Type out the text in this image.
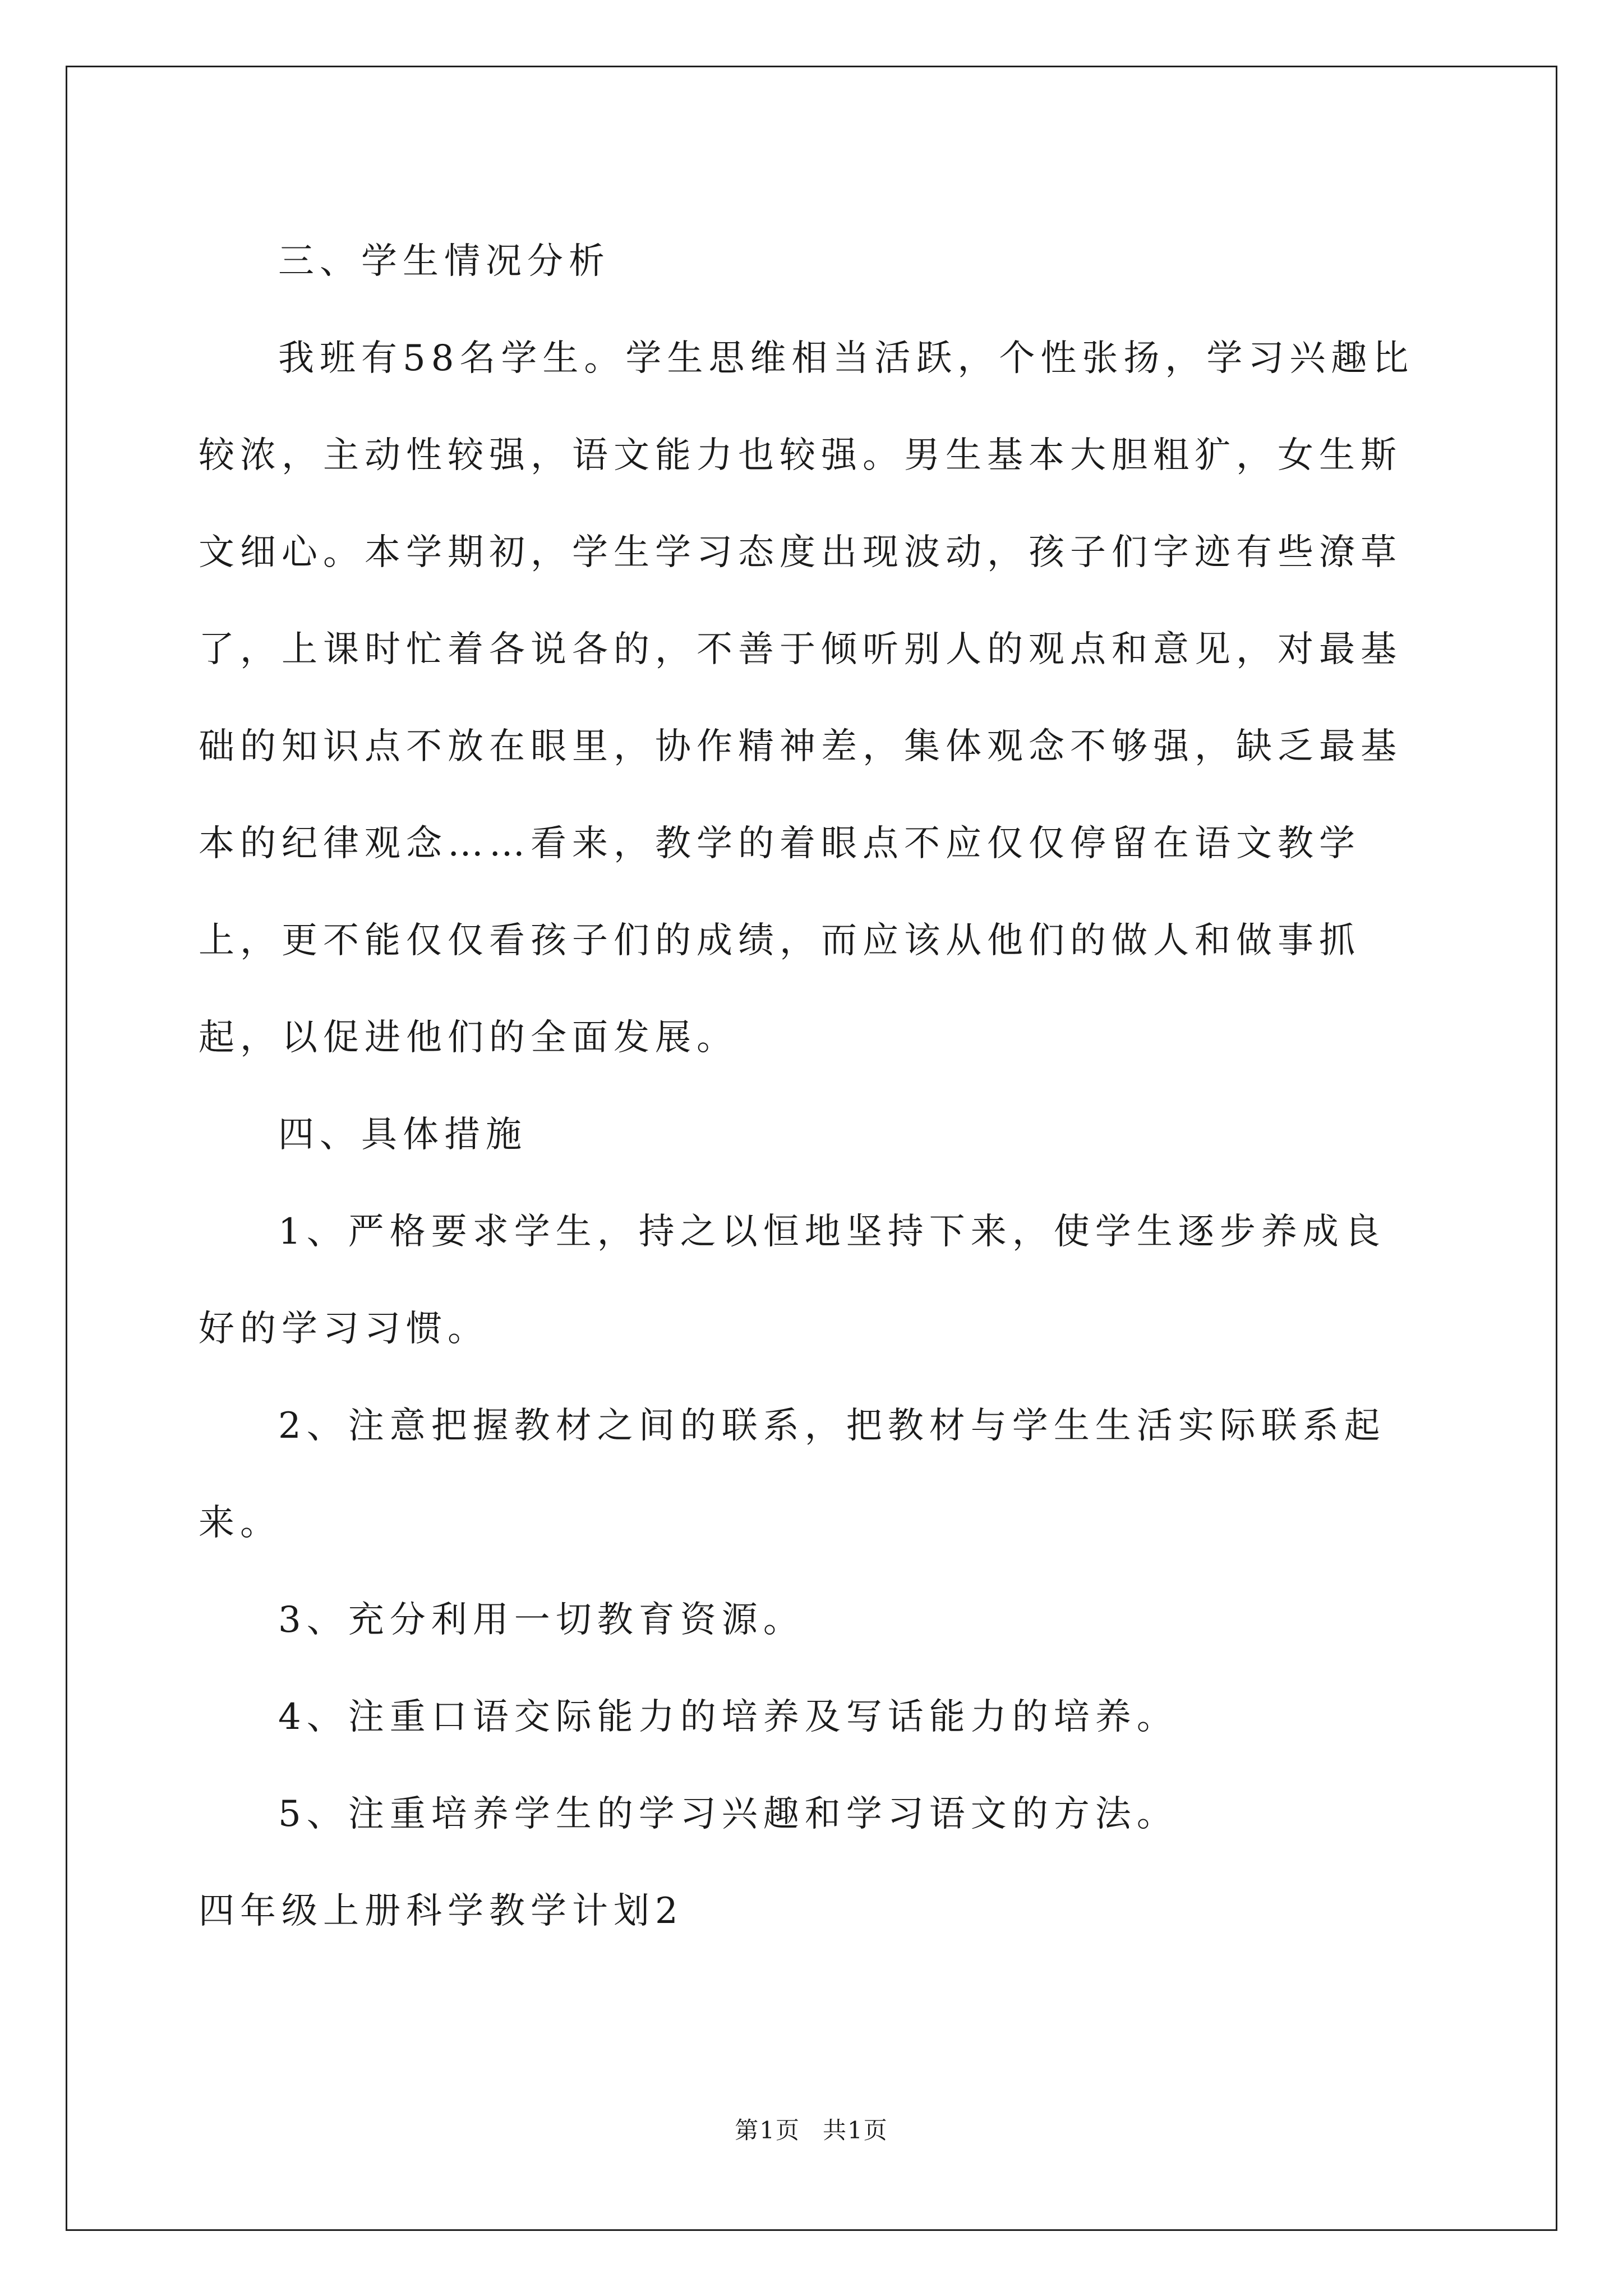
三、学生情况分析

我班有58名学生。学生思维相当活跃，个性张扬，学习兴趣比较浓，主动性较强，语文能力也较强。男生基本大胆粗犷，女生斯文细心。本学期初，学生学习态度出现波动，孩子们字迹有些潦草了，上课时忙着各说各的，不善于倾听别人的观点和意见，对最基础的知识点不放在眼里，协作精神差，集体观念不够强，缺乏最基本的纪律观念……看来，教学的着眼点不应仅仅停留在语文教学上，更不能仅仅看孩子们的成绩，而应该从他们的做人和做事抓起，以促进他们的全面发展。

四、具体措施

1、严格要求学生，持之以恒地坚持下来，使学生逐步养成良好的学习习惯。

2、注意把握教材之间的联系，把教材与学生生活实际联系起来。

3、充分利用一切教育资源。

4、注重口语交际能力的培养及写话能力的培养。

5、注重培养学生的学习兴趣和学习语文的方法。

四年级上册科学教学计划2

第1页 共1页
